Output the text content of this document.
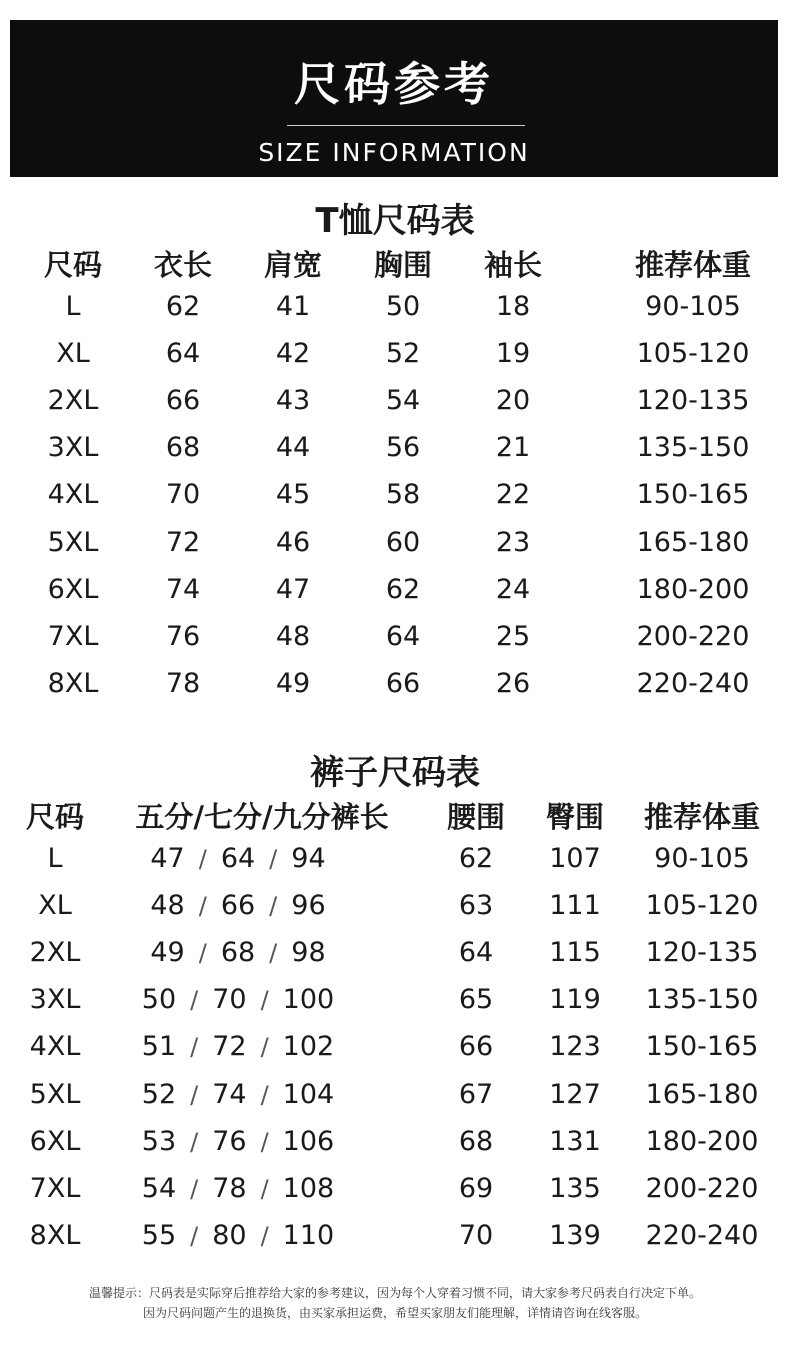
尺码参考
SIZE INFORMATION
T恤尺码表
尺码 衣长 肩宽 胸围 袖长	推荐体重
L	62	41	50	18	90-105
XL	64	42	52	19	105-120
2XL 66	43	54	20	120-135
3XL 68	44	56	21	135-150
4XL 70	45	58	22	150-165
5XL 72	46	60	23	165-180
6XL 74	47	62	24	180-200
7XL 76	48	64	25	200-220
8XL 78	49	66	26	220-240
裤子尺码表
尺码 五分/七分/九分裤长 腰围 臀围 推荐体重
L	47 / 64 / 94	62 107 90-105
XL	48 / 66 / 96	63 111 105-120
2XL	49 / 68 / 98	64 115 120-135
3XL 50 / 70 / 100	65 119 135-150
4XL 51 / 72 / 102	66 123 150-165
5XL 52 / 74 / 104	67 127 165-180
6XL 53 / 76 / 106	68 131 180-200
7XL 54 / 78 / 108	69 135 200-220
8XL 55 / 80 / 110	70 139 220-240
温馨提示：尺码表是实际穿后推荐给大家的参考建议，因为每个人穿着习惯不同，请大家参考尺码表自行决定下单。
因为尺码问题产生的退换货，由买家承担运费，希望买家朋友们能理解，详情请咨询在线客服。
